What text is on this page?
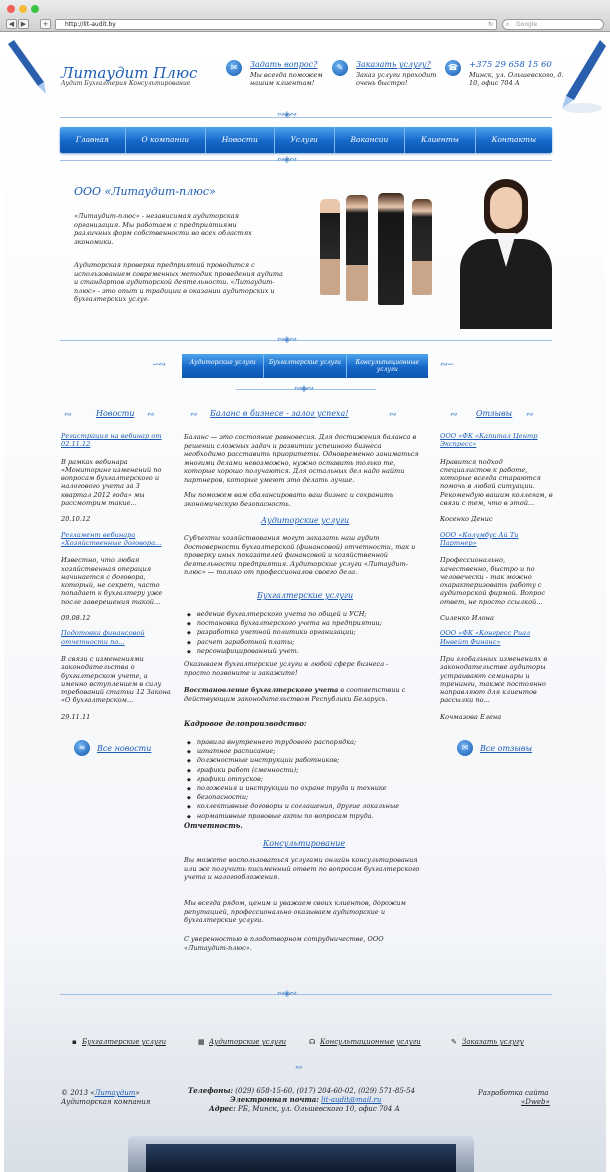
◀ ▶	+	http://lit-audit.by	↻ ⌕ Google
Литаудит Плюс
Аудит Бухгалтерия Консультирование
✉	Задать вопрос?
Мы всегда поможем нашим клиентам!
✎	Заказать услугу?
Заказ услуги проходит очень быстро!
☎	+375 29 658 15 60
Минск, ул. Ольшевского, д. 10, офис 704 А
∾◈∾
Главная	О компании	Новости	Услуги	Вакансии	Клиенты	Контакты
∾◈∾
ООО «Литаудит-плюс»
«Литаудит-плюс» - независимая аудиторская организация. Мы работаем с предприятиями различных форм собственности во всех областях экономики.
Аудиторская проверка предприятий проводится с использованием современных методик проведения аудита и стандартов аудиторской деятельности. «Литаудит-плюс» - это опыт и традиции в оказании аудиторских и бухгалтерских услуг.
∾◈∾
∽∾	∾∽
Аудиторские услуги	Бухгалтерские услуги	Консультационные услуги
∾◈∾
Новости
∾	∾
Регистрация на вебинар от 02.11.12
В рамках вебинара «Мониторинг изменений по вопросам бухгалтерского и налогового учета за 3 квартал 2012 года» мы рассмотрим такие...
20.10.12
Регламент вебинара «Хозяйственные договора...
Известно, что любая хозяйственная операция начинается с договора, который, не секрет, часто попадает к бухгалтеру уже после заверешения такой...
09.08.12
Подотовка финансовой отчетности по...
В связи с изменениями законодательства о бухгалтерском учете, а именно вступлением в силу требований статьи 12 Закона «О бухгалтерском...
29.11.11
≡	Все новости
Баланс в бизнесе - залог успеха!
∾	∾
Баланс — это состояние равновесия. Для достижения баланса в решении сложных задач и развитии успешного бизнеса необходимо расставить приоритеты. Одновременно заниматься многими делами невозможно, нужно оставить только те, которые хорошо получаются. Для остальных дел надо найти партнеров, которые умеют это делать лучше.
Мы поможем вам сбалансировать ваш бизнес и сохранить экономическую безопасность.
Аудиторские услуги
Субъекты хозяйствования могут заказать наш аудит достоверности бухгалтерской (финансовой) отчетности, так и проверку иных показателей финансовой и хозяйственной деятельности предприятия. Аудиторские услуги «Литаудит-плюс» — только от профессионалов своего дела.
Бухгалтерские услуги
◆ ведение бухгалтерского учета по общей и УСН;
◆ постановка бухгалтерского учета на предприятии;
◆ разработка учетной политики организации;
◆ расчет заработной платы;
◆ персонифицированный учет.
Оказываем бухгалтерские услуги в любой сфере бизнеса - просто позвоните и закажите!
Восстановление бухгалтерского учета в соответствии с действующим законодательством Республики Беларусь.
Кадровое делопроизводство:
◆ правила внутреннего трудового распорядка;
◆ штатное расписание;
◆ должностные инструкции работников;
◆ графики работ (сменности);
◆ графики отпусков;
◆ положения и инструкции по охране труда и технике
◆ безопасности;
◆ коллективные договоры и соглашения, другие локальные
◆ нормативные правовые акты по вопросам труда.
Отчетность.
Консультирование
Вы можете воспользоваться услугами онлайн консультирования или же получить письменный ответ по вопросам бухгалтерского учета и налогообложения.
Мы всегда рядом, ценим и уважаем своих клиентов, дорожим репутацией, профессионально оказываем аудиторские и бухгалтерские услуги.
С уверенностью в плодотворном сотрудничестве, ООО «Литаудит-плюс».
Отзывы
∾	∾
ООО «ФК «Капитал Центр Экспресс»
Нравится подход специалистов к работе, которые всегда стараются помочь в любой ситуации. Рекомендую вашим коллегам, в связи с тем, что в этой...
Косенко Денис
ООО «Колумбус Ай Ти Партнер»
Профессионально, качественно, быстро и по человечески - так можно охарактеризовать работу с аудиторской фирмой. Вопрос ответ, не просто ссылкой...
Силенко Илона
ООО «ФК «Конгресс Риал Инвейт Финанс»
При глобальных изменениях в законодательстве аудиторы устраивают семинары и тренинги, также постоянно направляют для клиентов рассылки по...
Кочмазова Елена
✉	Все отзывы
∾◈∾
▪ Бухгалтерские услуги	▦ Аудиторские услуги	☊ Консультационные услуги	✎ Заказать услугу
∾
© 2013 «Литаудит»
Аудиторская компания
Телефоны: (029) 658-15-60, (017) 204-60-02, (029) 571-85-54
Электронная почта: lit-audit@mail.ru
Адрес: РБ, Минск, ул. Ольшевского 10, офис 704 А
Разработка сайта
«Dweb»
